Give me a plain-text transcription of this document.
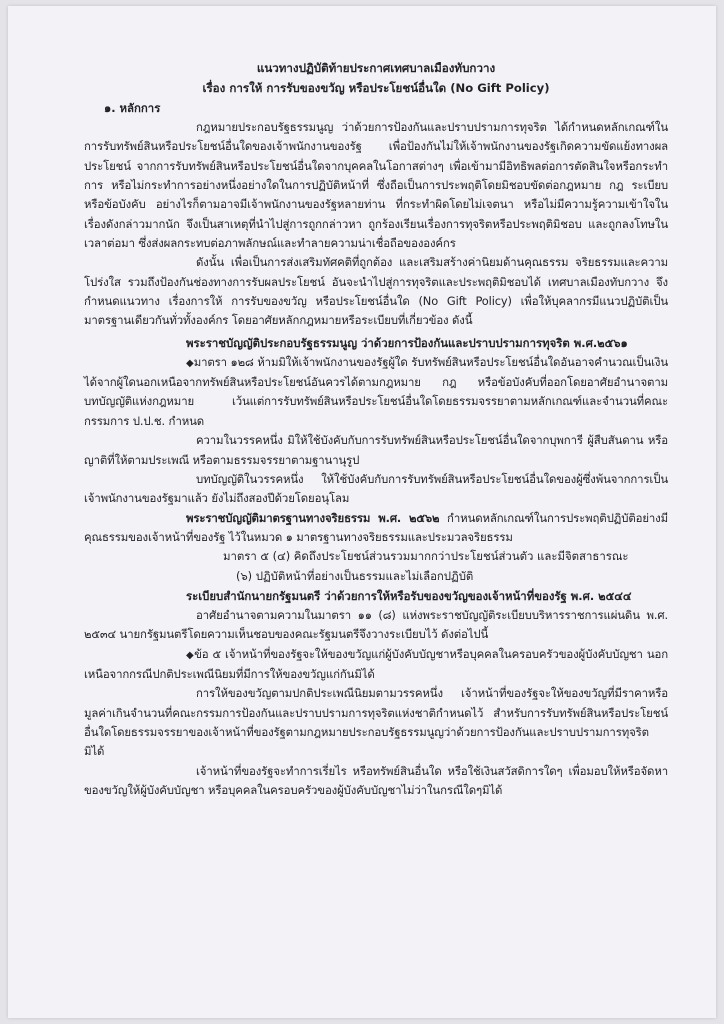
แนวทางปฏิบัติท้ายประกาศเทศบาลเมืองทับกวาง
เรื่อง การให้ การรับของขวัญ หรือประโยชน์อื่นใด (No Gift Policy)
๑. หลักการ

กฎหมายประกอบรัฐธรรมนูญ ว่าด้วยการป้องกันและปราบปรามการทุจริต ได้กำหนดหลักเกณฑ์ในการรับทรัพย์สินหรือประโยชน์อื่นใดของเจ้าพนักงานของรัฐ เพื่อป้องกันไม่ให้เจ้าพนักงานของรัฐเกิดความขัดแย้งทางผลประโยชน์ จากการรับทรัพย์สินหรือประโยชน์อื่นใดจากบุคคลในโอกาสต่างๆ เพื่อเข้ามามีอิทธิพลต่อการตัดสินใจหรือกระทำการ หรือไม่กระทำการอย่างหนึ่งอย่างใดในการปฏิบัติหน้าที่ ซึ่งถือเป็นการประพฤติโดยมิชอบขัดต่อกฎหมาย กฎ ระเบียบ หรือข้อบังคับ อย่างไรก็ตามอาจมีเจ้าพนักงานของรัฐหลายท่าน ที่กระทำผิดโดยไม่เจตนา หรือไม่มีความรู้ความเข้าใจในเรื่องดังกล่าวมากนัก จึงเป็นสาเหตุที่นำไปสู่การถูกกล่าวหา ถูกร้องเรียนเรื่องการทุจริตหรือประพฤติมิชอบ และถูกลงโทษในเวลาต่อมา ซึ่งส่งผลกระทบต่อภาพลักษณ์และทำลายความน่าเชื่อถือขององค์กร

ดังนั้น เพื่อเป็นการส่งเสริมทัศคติที่ถูกต้อง และเสริมสร้างค่านิยมด้านคุณธรรม จริยธรรมและความโปร่งใส รวมถึงป้องกันช่องทางการรับผลประโยชน์ อันจะนำไปสู่การทุจริตและประพฤติมิชอบได้ เทศบาลเมืองทับกวาง จึงกำหนดแนวทาง เรื่องการให้ การรับของขวัญ หรือประโยชน์อื่นใด (No Gift Policy) เพื่อให้บุคลากรมีแนวปฏิบัติเป็นมาตรฐานเดียวกันทั่วทั้งองค์กร โดยอาศัยหลักกฎหมายหรือระเบียบที่เกี่ยวข้อง ดังนี้

พระราชบัญญัติประกอบรัฐธรรมนูญ ว่าด้วยการป้องกันและปราบปรามการทุจริต พ.ศ.๒๕๖๑

◆มาตรา ๑๒๘ ห้ามมิให้เจ้าพนักงานของรัฐผู้ใด รับทรัพย์สินหรือประโยชน์อื่นใดอันอาจคำนวณเป็นเงินได้จากผู้ใดนอกเหนือจากทรัพย์สินหรือประโยชน์อันควรได้ตามกฎหมาย กฎ หรือข้อบังคับที่ออกโดยอาศัยอำนาจตามบทบัญญัติแห่งกฎหมาย เว้นแต่การรับทรัพย์สินหรือประโยชน์อื่นใดโดยธรรมจรรยาตามหลักเกณฑ์และจำนวนที่คณะกรรมการ ป.ป.ช. กำหนด

ความในวรรคหนึ่ง มิให้ใช้บังคับกับการรับทรัพย์สินหรือประโยชน์อื่นใดจากบุพการี ผู้สืบสันดาน หรือญาติที่ให้ตามประเพณี หรือตามธรรมจรรยาตามฐานานุรูป

บทบัญญัติในวรรคหนึ่ง ให้ใช้บังคับกับการรับทรัพย์สินหรือประโยชน์อื่นใดของผู้ซึ่งพ้นจากการเป็นเจ้าพนักงานของรัฐมาแล้ว ยังไม่ถึงสองปีด้วยโดยอนุโลม

พระราชบัญญัติมาตรฐานทางจริยธรรม พ.ศ. ๒๕๖๒ กำหนดหลักเกณฑ์ในการประพฤติปฏิบัติอย่างมีคุณธรรมของเจ้าหน้าที่ของรัฐ ไว้ในหมวด ๑ มาตรฐานทางจริยธรรมและประมวลจริยธรรม

มาตรา ๕ (๔) คิดถึงประโยชน์ส่วนรวมมากกว่าประโยชน์ส่วนตัว และมีจิตสาธารณะ
(๖) ปฏิบัติหน้าที่อย่างเป็นธรรมและไม่เลือกปฏิบัติ
ระเบียบสำนักนายกรัฐมนตรี ว่าด้วยการให้หรือรับของขวัญของเจ้าหน้าที่ของรัฐ พ.ศ. ๒๕๔๔

อาศัยอำนาจตามความในมาตรา ๑๑ (๘) แห่งพระราชบัญญัติระเบียบบริหารราชการแผ่นดิน พ.ศ. ๒๕๓๔ นายกรัฐมนตรีโดยความเห็นชอบของคณะรัฐมนตรีจึงวางระเบียบไว้ ดังต่อไปนี้

◆ข้อ ๕ เจ้าหน้าที่ของรัฐจะให้ของขวัญแก่ผู้บังคับบัญชาหรือบุคคลในครอบครัวของผู้บังคับบัญชา นอกเหนือจากกรณีปกติประเพณีนิยมที่มีการให้ของขวัญแก่กันมิได้

การให้ของขวัญตามปกติประเพณีนิยมตามวรรคหนึ่ง เจ้าหน้าที่ของรัฐจะให้ของขวัญที่มีราคาหรือมูลค่าเกินจำนวนที่คณะกรรมการป้องกันและปราบปรามการทุจริตแห่งชาติกำหนดไว้ สำหรับการรับทรัพย์สินหรือประโยชน์อื่นใดโดยธรรมจรรยาของเจ้าหน้าที่ของรัฐตามกฎหมายประกอบรัฐธรรมนูญว่าด้วยการป้องกันและปราบปรามการทุจริตมิได้

เจ้าหน้าที่ของรัฐจะทำการเรี่ยไร หรือทรัพย์สินอื่นใด หรือใช้เงินสวัสดิการใดๆ เพื่อมอบให้หรือจัดหาของขวัญให้ผู้บังคับบัญชา หรือบุคคลในครอบครัวของผู้บังคับบัญชาไม่ว่าในกรณีใดๆมิได้
